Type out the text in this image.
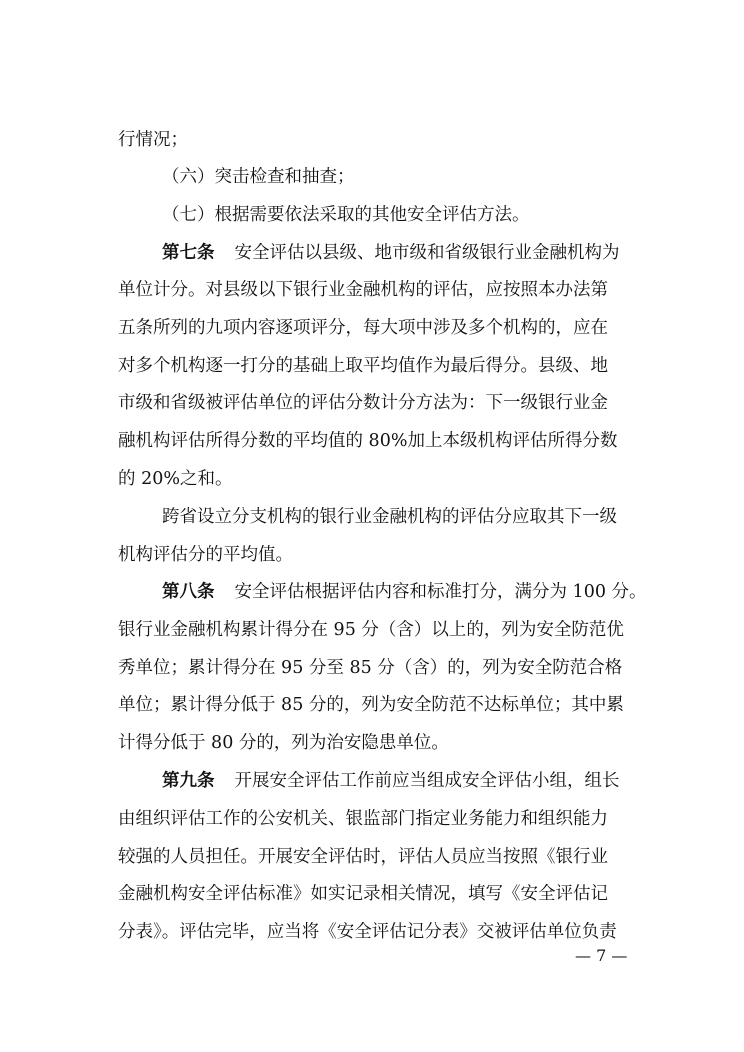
行情况；
（六）突击检查和抽查；
（七）根据需要依法采取的其他安全评估方法。
第七条 安全评估以县级、地市级和省级银行业金融机构为
单位计分。对县级以下银行业金融机构的评估，应按照本办法第
五条所列的九项内容逐项评分，每大项中涉及多个机构的，应在
对多个机构逐一打分的基础上取平均值作为最后得分。县级、地
市级和省级被评估单位的评估分数计分方法为：下一级银行业金
融机构评估所得分数的平均值的 80%加上本级机构评估所得分数
的 20%之和。
跨省设立分支机构的银行业金融机构的评估分应取其下一级
机构评估分的平均值。
第八条 安全评估根据评估内容和标准打分，满分为 100 分。
银行业金融机构累计得分在 95 分（含）以上的，列为安全防范优
秀单位；累计得分在 95 分至 85 分（含）的，列为安全防范合格
单位；累计得分低于 85 分的，列为安全防范不达标单位；其中累
计得分低于 80 分的，列为治安隐患单位。
第九条 开展安全评估工作前应当组成安全评估小组，组长
由组织评估工作的公安机关、银监部门指定业务能力和组织能力
较强的人员担任。开展安全评估时，评估人员应当按照《银行业
金融机构安全评估标准》如实记录相关情况，填写《安全评估记
分表》。评估完毕，应当将《安全评估记分表》交被评估单位负责
— 7 —
